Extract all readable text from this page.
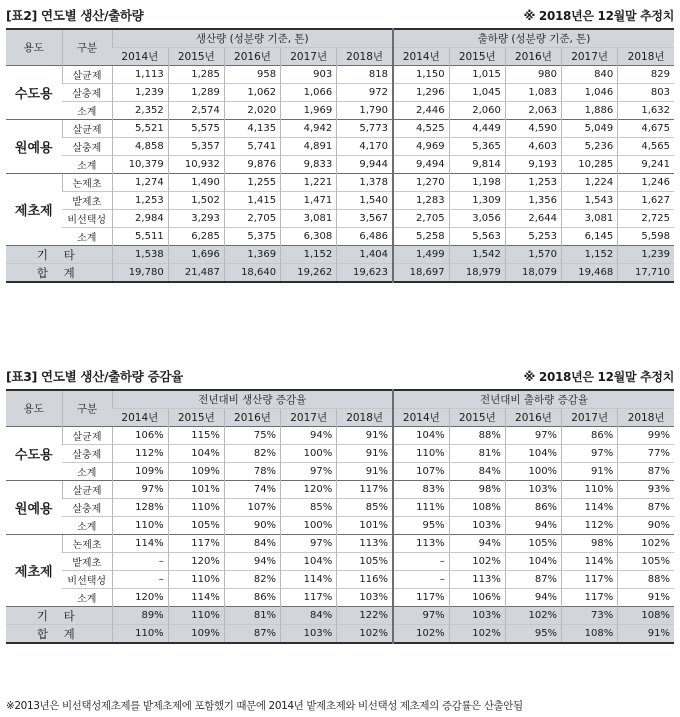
[표2] 연도별 생산/출하량	※ 2018년은 12월말 추정치
용도	구분	생산량 (성분량 기준, 톤)					출하량 (성분량 기준, 톤)				
		2014년	2015년	2016년	2017년	2018년	2014년	2015년	2016년	2017년	2018년
수도용	살균제	1,113	1,285	958	903	818	1,150	1,015	980	840	829
	살충제	1,239	1,289	1,062	1,066	972	1,296	1,045	1,083	1,046	803
	소계	2,352	2,574	2,020	1,969	1,790	2,446	2,060	2,063	1,886	1,632
원예용	살균제	5,521	5,575	4,135	4,942	5,773	4,525	4,449	4,590	5,049	4,675
	살충제	4,858	5,357	5,741	4,891	4,170	4,969	5,365	4,603	5,236	4,565
	소계	10,379	10,932	9,876	9,833	9,944	9,494	9,814	9,193	10,285	9,241
제초제	논제초	1,274	1,490	1,255	1,221	1,378	1,270	1,198	1,253	1,224	1,246
	밭제초	1,253	1,502	1,415	1,471	1,540	1,283	1,309	1,356	1,543	1,627
	비선택성	2,984	3,293	2,705	3,081	3,567	2,705	3,056	2,644	3,081	2,725
	소계	5,511	6,285	5,375	6,308	6,486	5,258	5,563	5,253	6,145	5,598
기 타		1,538	1,696	1,369	1,152	1,404	1,499	1,542	1,570	1,152	1,239
합 계		19,780	21,487	18,640	19,262	19,623	18,697	18,979	18,079	19,468	17,710
[표3] 연도별 생산/출하량 증감율	※ 2018년은 12월말 추정치
용도	구분	전년대비 생산량 증감율					전년대비 출하량 증감율				
		2014년	2015년	2016년	2017년	2018년	2014년	2015년	2016년	2017년	2018년
수도용	살균제	106%	115%	75%	94%	91%	104%	88%	97%	86%	99%
	살충제	112%	104%	82%	100%	91%	110%	81%	104%	97%	77%
	소계	109%	109%	78%	97%	91%	107%	84%	100%	91%	87%
원예용	살균제	97%	101%	74%	120%	117%	83%	98%	103%	110%	93%
	살충제	128%	110%	107%	85%	85%	111%	108%	86%	114%	87%
	소계	110%	105%	90%	100%	101%	95%	103%	94%	112%	90%
제초제	논제초	114%	117%	84%	97%	113%	113%	94%	105%	98%	102%
	밭제초	–	120%	94%	104%	105%	–	102%	104%	114%	105%
	비선택성	–	110%	82%	114%	116%	–	113%	87%	117%	88%
	소계	120%	114%	86%	117%	103%	117%	106%	94%	117%	91%
기 타		89%	110%	81%	84%	122%	97%	103%	102%	73%	108%
합 계		110%	109%	87%	103%	102%	102%	102%	95%	108%	91%
※2013년은 비선택성제초제를 밭제초제에 포함했기 때문에 2014년 밭제초제와 비선택성 제초제의 증감률은 산출안됨
